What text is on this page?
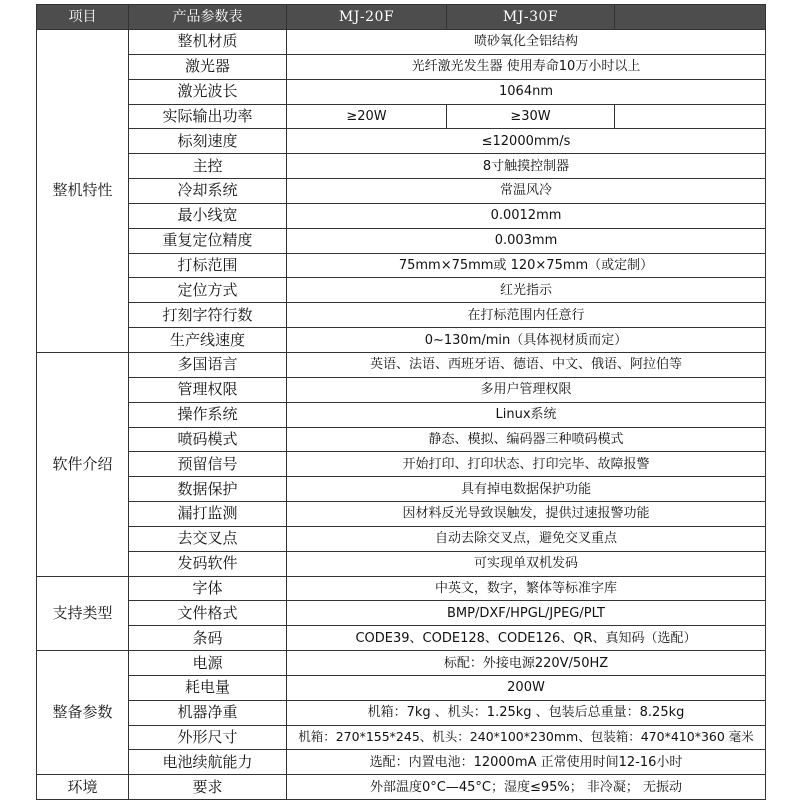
项目	产品参数表	MJ-20F	MJ-30F	
整机特性	整机材质	喷砂氧化全铝结构		
	激光器	光纤激光发生器 使用寿命10万小时以上		
	激光波长	1064nm		
	实际输出功率	≥20W	≥30W	
	标刻速度	≤12000mm/s		
	主控	8寸触摸控制器		
	冷却系统	常温风冷		
	最小线宽	0.0012mm		
	重复定位精度	0.003mm		
	打标范围	75mm×75mm或 120×75mm（或定制）		
	定位方式	红光指示		
	打刻字符行数	在打标范围内任意行		
	生产线速度	0~130m/min（具体视材质而定）		
软件介绍	多国语言	英语、法语、西班牙语、德语、中文、俄语、阿拉伯等		
	管理权限	多用户管理权限		
	操作系统	Linux系统		
	喷码模式	静态、模拟、编码器三种喷码模式		
	预留信号	开始打印、打印状态、打印完毕、故障报警		
	数据保护	具有掉电数据保护功能		
	漏打监测	因材料反光导致误触发，提供过速报警功能		
	去交叉点	自动去除交叉点，避免交叉重点		
	发码软件	可实现单双机发码		
支持类型	字体	中英文，数字，繁体等标准字库		
	文件格式	BMP/DXF/HPGL/JPEG/PLT		
	条码	CODE39、CODE128、CODE126、QR、真知码（选配）		
整备参数	电源	标配：外接电源220V/50HZ		
	耗电量	200W		
	机器净重	机箱：7kg 、机头：1.25kg 、包装后总重量：8.25kg		
	外形尺寸	机箱：270*155*245、机头：240*100*230mm、包装箱：470*410*360 毫米		
	电池续航能力	选配：内置电池：12000mA 正常使用时间12-16小时		
环境	要求	外部温度0°C—45°C；湿度≤95%； 非冷凝； 无振动		
